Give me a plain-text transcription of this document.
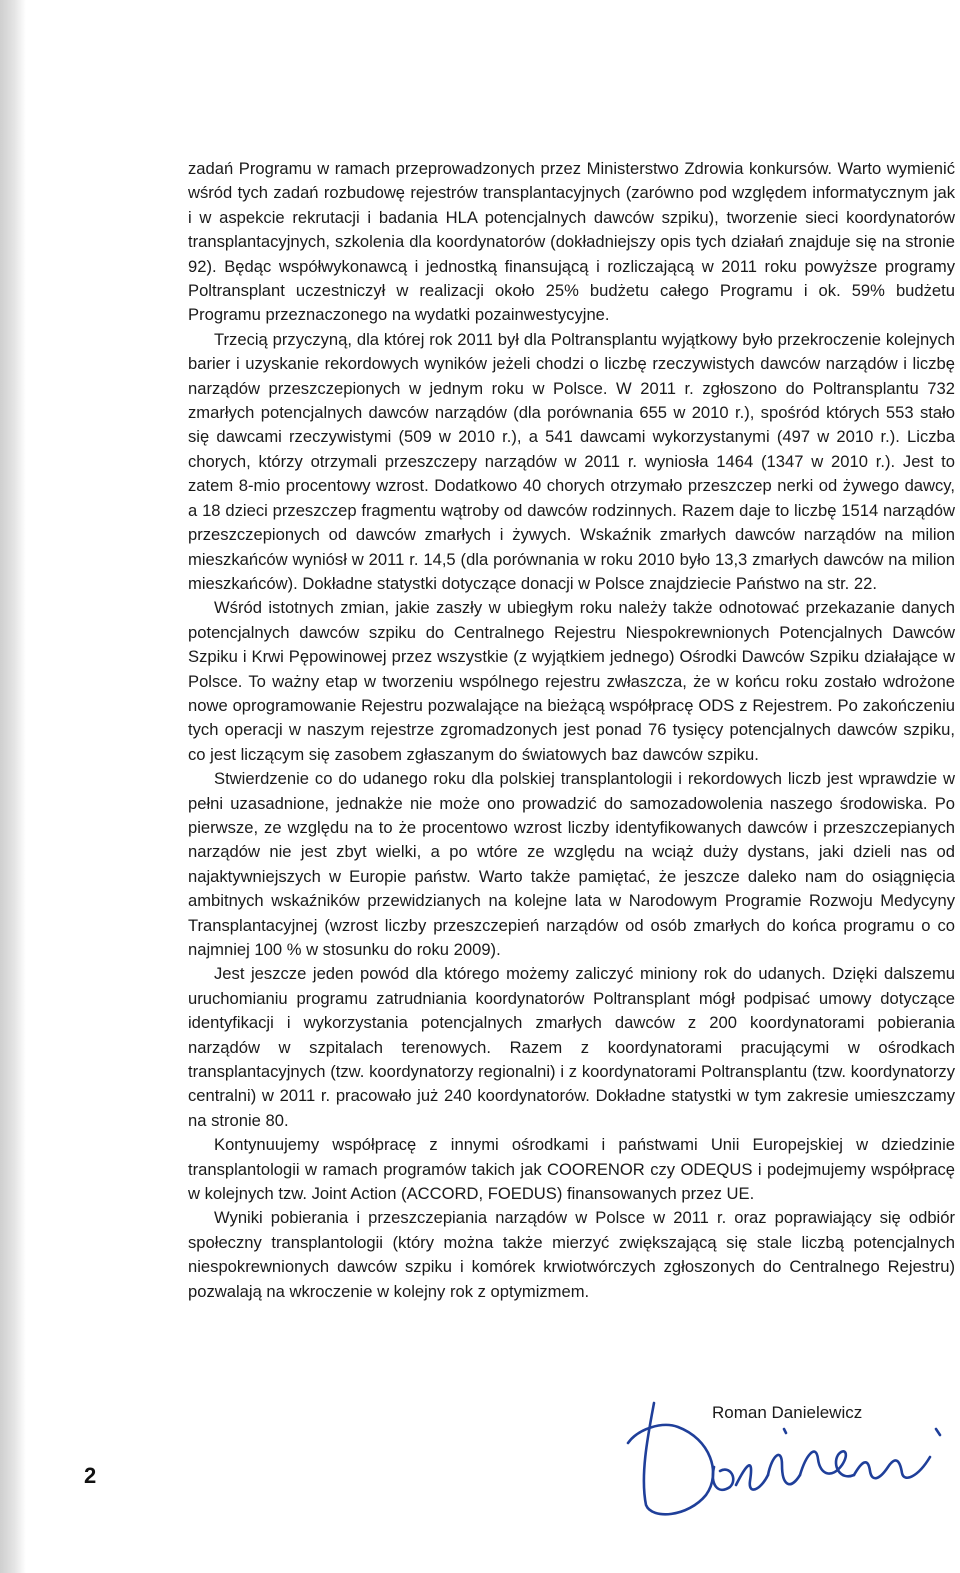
zadań Programu w ramach przeprowadzonych przez Ministerstwo Zdrowia konkursów. Warto wymienić wśród tych zadań rozbudowę rejestrów transplantacyjnych (zarówno pod względem informatycznym jak i w aspekcie rekrutacji i badania HLA potencjalnych dawców szpiku), tworzenie sieci koordynatorów transplantacyjnych, szkolenia dla koordynatorów (dokładniejszy opis tych działań znajduje się na stronie 92). Będąc współwykonawcą i jednostką finansującą i rozliczającą w 2011 roku powyższe programy Poltransplant uczestniczył w realizacji około 25% budżetu całego Programu i ok. 59% budżetu Programu przeznaczonego na wydatki pozainwestycyjne.

Trzecią przyczyną, dla której rok 2011 był dla Poltransplantu wyjątkowy było przekroczenie kolejnych barier i uzyskanie rekordowych wyników jeżeli chodzi o liczbę rzeczywistych dawców narządów i liczbę narządów przeszczepionych w jednym roku w Polsce. W 2011 r. zgłoszono do Poltransplantu 732 zmarłych potencjalnych dawców narządów (dla porównania 655 w 2010 r.), spośród których 553 stało się dawcami rzeczywistymi (509 w 2010 r.), a 541 dawcami wykorzystanymi (497 w 2010 r.). Liczba chorych, którzy otrzymali przeszczepy narządów w 2011 r. wyniosła 1464 (1347 w 2010 r.). Jest to zatem 8-mio procentowy wzrost. Dodatkowo 40 chorych otrzymało przeszczep nerki od żywego dawcy, a 18 dzieci przeszczep fragmentu wątroby od dawców rodzinnych. Razem daje to liczbę 1514 narządów przeszczepionych od dawców zmarłych i żywych. Wskaźnik zmarłych dawców narządów na milion mieszkańców wyniósł w 2011 r. 14,5 (dla porównania w roku 2010 było 13,3 zmarłych dawców na milion mieszkańców). Dokładne statystki dotyczące donacji w Polsce znajdziecie Państwo na str. 22.

Wśród istotnych zmian, jakie zaszły w ubiegłym roku należy także odnotować przekazanie danych potencjalnych dawców szpiku do Centralnego Rejestru Niespokrewnionych Potencjalnych Dawców Szpiku i Krwi Pępowinowej przez wszystkie (z wyjątkiem jednego) Ośrodki Dawców Szpiku działające w Polsce. To ważny etap w tworzeniu wspólnego rejestru zwłaszcza, że w końcu roku zostało wdrożone nowe oprogramowanie Rejestru pozwalające na bieżącą współpracę ODS z Rejestrem. Po zakończeniu tych operacji w naszym rejestrze zgromadzonych jest ponad 76 tysięcy potencjalnych dawców szpiku, co jest liczącym się zasobem zgłaszanym do światowych baz dawców szpiku.

Stwierdzenie co do udanego roku dla polskiej transplantologii i rekordowych liczb jest wprawdzie w pełni uzasadnione, jednakże nie może ono prowadzić do samozadowolenia naszego środowiska. Po pierwsze, ze względu na to że procentowo wzrost liczby identyfikowanych dawców i przeszczepianych narządów nie jest zbyt wielki, a po wtóre ze względu na wciąż duży dystans, jaki dzieli nas od najaktywniejszych w Europie państw. Warto także pamiętać, że jeszcze daleko nam do osiągnięcia ambitnych wskaźników przewidzianych na kolejne lata w Narodowym Programie Rozwoju Medycyny Transplantacyjnej (wzrost liczby przeszczepień narządów od osób zmarłych do końca programu o co najmniej 100 % w stosunku do roku 2009).

Jest jeszcze jeden powód dla którego możemy zaliczyć miniony rok do udanych. Dzięki dalszemu uruchomianiu programu zatrudniania koordynatorów Poltransplant mógł podpisać umowy dotyczące identyfikacji i wykorzystania potencjalnych zmarłych dawców z 200 koordynatorami pobierania narządów w szpitalach terenowych. Razem z koordynatorami pracującymi w ośrodkach transplantacyjnych (tzw. koordynatorzy regionalni) i z koordynatorami Poltransplantu (tzw. koordynatorzy centralni) w 2011 r. pracowało już 240 koordynatorów. Dokładne statystki w tym zakresie umieszczamy na stronie 80.

Kontynuujemy współpracę z innymi ośrodkami i państwami Unii Europejskiej w dziedzinie transplantologii w ramach programów takich jak COORENOR czy ODEQUS i podejmujemy współpracę w kolejnych tzw. Joint Action (ACCORD, FOEDUS) finansowanych przez UE.

Wyniki pobierania i przeszczepiania narządów w Polsce w 2011 r. oraz poprawiający się odbiór społeczny transplantologii (który można także mierzyć zwiększającą się stale liczbą potencjalnych niespokrewnionych dawców szpiku i komórek krwiotwórczych zgłoszonych do Centralnego Rejestru) pozwalają na wkroczenie w kolejny rok z optymizmem.

Roman Danielewicz
2
